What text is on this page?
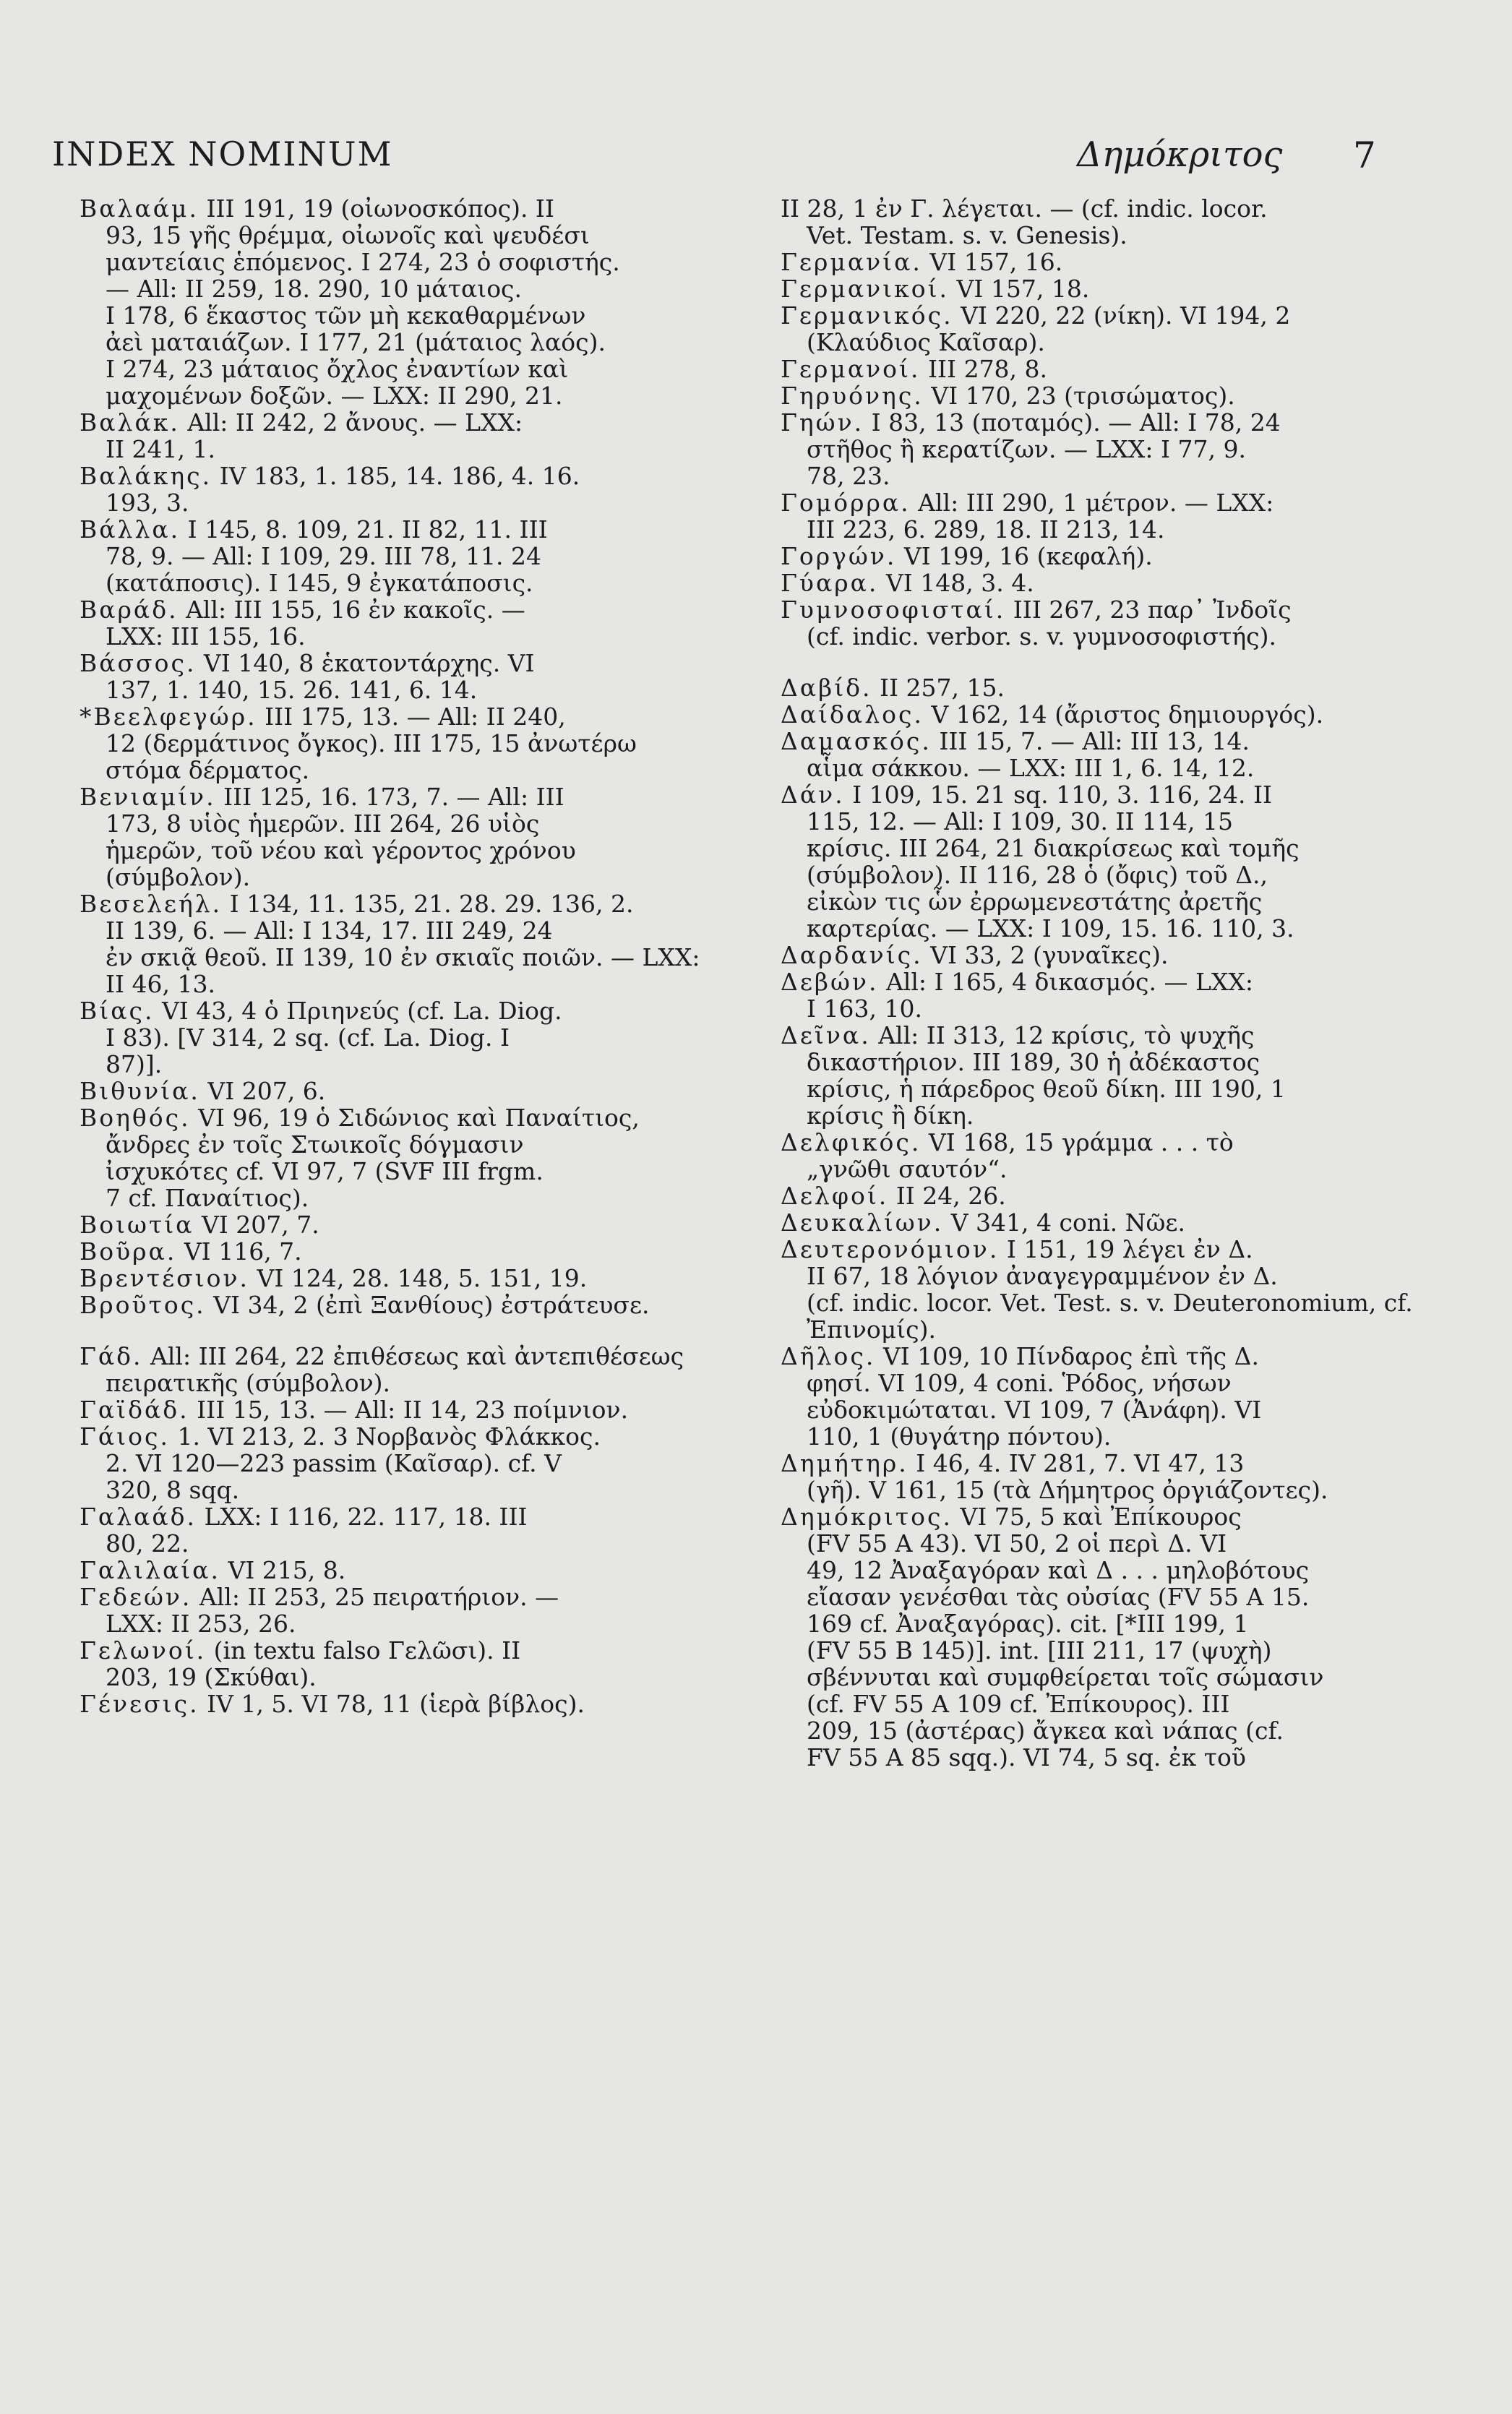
INDEX NOMINUM	Δημόκριτος 7

Βαλαάμ. III 191, 19 (οἰωνοσκόπος). II
93, 15 γῆς θρέμμα, οἰωνοῖς καὶ ψευδέσι
μαντείαις ἑπόμενος. I 274, 23 ὁ σοφιστής.
— All: II 259, 18. 290, 10 μάταιος.
I 178, 6 ἕκαστος τῶν μὴ κεκαθαρμένων
ἀεὶ ματαιάζων. I 177, 21 (μάταιος λαός).
I 274, 23 μάταιος ὄχλος ἐναντίων καὶ
μαχομένων δοξῶν. — LXX: II 290, 21.

Βαλάκ. All: II 242, 2 ἄνους. — LXX:
II 241, 1.

Βαλάκης. IV 183, 1. 185, 14. 186, 4. 16.
193, 3.

Βάλλα. I 145, 8. 109, 21. II 82, 11. III
78, 9. — All: I 109, 29. III 78, 11. 24
(κατάποσις). I 145, 9 ἐγκατάποσις.

Βαράδ. All: III 155, 16 ἐν κακοῖς. —
LXX: III 155, 16.

Βάσσος. VI 140, 8 ἑκατοντάρχης. VI
137, 1. 140, 15. 26. 141, 6. 14.

*Βεελφεγώρ. III 175, 13. — All: II 240,
12 (δερμάτινος ὄγκος). III 175, 15 ἀνωτέρω στόμα δέρματος.

Βενιαμίν. III 125, 16. 173, 7. — All: III
173, 8 υἱὸς ἡμερῶν. III 264, 26 υἱὸς
ἡμερῶν, τοῦ νέου καὶ γέροντος χρόνου
(σύμβολον).

Βεσελεήλ. I 134, 11. 135, 21. 28. 29. 136, 2.
II 139, 6. — All: I 134, 17. III 249, 24
ἐν σκιᾷ θεοῦ. II 139, 10 ἐν σκιαῖς ποιῶν. — LXX: II 46, 13.

Βίας. VI 43, 4 ὁ Πριηνεύς (cf. La. Diog.
I 83). [V 314, 2 sq. (cf. La. Diog. I
87)].

Βιθυνία. VI 207, 6.

Βοηθός. VI 96, 19 ὁ Σιδώνιος καὶ Παναίτιος, ἄνδρες ἐν τοῖς Στωικοῖς δόγμασιν
ἰσχυκότες cf. VI 97, 7 (SVF III frgm.
7 cf. Παναίτιος).

Βοιωτία VI 207, 7.

Βοῦρα. VI 116, 7.

Βρεντέσιον. VI 124, 28. 148, 5. 151, 19.

Βροῦτος. VI 34, 2 (ἐπὶ Ξανθίους) ἐστράτευσε.

Γάδ. All: III 264, 22 ἐπιθέσεως καὶ ἀντεπιθέσεως πειρατικῆς (σύμβολον).

Γαϊδάδ. III 15, 13. — All: II 14, 23 ποίμνιον.

Γάιος. 1. VI 213, 2. 3 Νορβανὸς Φλάκκος.
2. VI 120—223 passim (Καῖσαρ). cf. V
320, 8 sqq.

Γαλαάδ. LXX: I 116, 22. 117, 18. III
80, 22.

Γαλιλαία. VI 215, 8.

Γεδεών. All: II 253, 25 πειρατήριον. —
LXX: II 253, 26.

Γελωνοί. (in textu falso Γελῶσι). II
203, 19 (Σκύθαι).

Γένεσις. IV 1, 5. VI 78, 11 (ἱερὰ βίβλος).

II 28, 1 ἐν Γ. λέγεται. — (cf. indic. locor.
Vet. Testam. s. v. Genesis).

Γερμανία. VI 157, 16.

Γερμανικοί. VI 157, 18.

Γερμανικός. VI 220, 22 (νίκη). VI 194, 2
(Κλαύδιος Καῖσαρ).

Γερμανοί. III 278, 8.

Γηρυόνης. VI 170, 23 (τρισώματος).

Γηών. I 83, 13 (ποταμός). — All: I 78, 24
στῆθος ἢ κερατίζων. — LXX: I 77, 9.
78, 23.

Γομόρρα. All: III 290, 1 μέτρον. — LXX:
III 223, 6. 289, 18. II 213, 14.

Γοργών. VI 199, 16 (κεφαλή).

Γύαρα. VI 148, 3. 4.

Γυμνοσοφισταί. III 267, 23 παρ᾽ Ἰνδοῖς
(cf. indic. verbor. s. v. γυμνοσοφιστής).

Δαβίδ. II 257, 15.

Δαίδαλος. V 162, 14 (ἄριστος δημιουργός).

Δαμασκός. III 15, 7. — All: III 13, 14.
αἷμα σάκκου. — LXX: III 1, 6. 14, 12.

Δάν. I 109, 15. 21 sq. 110, 3. 116, 24. II
115, 12. — All: I 109, 30. II 114, 15
κρίσις. III 264, 21 διακρίσεως καὶ τομῆς
(σύμβολον). II 116, 28 ὁ (ὄφις) τοῦ Δ.,
εἰκὼν τις ὧν ἐρρωμενεστάτης ἀρετῆς
καρτερίας. — LXX: I 109, 15. 16. 110, 3.

Δαρδανίς. VI 33, 2 (γυναῖκες).

Δεβών. All: I 165, 4 δικασμός. — LXX:
I 163, 10.

Δεῖνα. All: II 313, 12 κρίσις, τὸ ψυχῆς
δικαστήριον. III 189, 30 ἡ ἀδέκαστος
κρίσις, ἡ πάρεδρος θεοῦ δίκη. III 190, 1
κρίσις ἢ δίκη.

Δελφικός. VI 168, 15 γράμμα . . . τὸ
„γνῶθι σαυτόν“.

Δελφοί. II 24, 26.

Δευκαλίων. V 341, 4 coni. Νῶε.

Δευτερονόμιον. I 151, 19 λέγει ἐν Δ.
II 67, 18 λόγιον ἀναγεγραμμένον ἐν Δ.
(cf. indic. locor. Vet. Test. s. v. Deuteronomium, cf. Ἐπινομίς).

Δῆλος. VI 109, 10 Πίνδαρος ἐπὶ τῆς Δ.
φησί. VI 109, 4 coni. Ῥόδος, νήσων
εὐδοκιμώταται. VI 109, 7 (Ἀνάφη). VI
110, 1 (θυγάτηρ πόντου).

Δημήτηρ. I 46, 4. IV 281, 7. VI 47, 13
(γῆ). V 161, 15 (τὰ Δήμητρος ὀργιάζοντες).

Δημόκριτος. VI 75, 5 καὶ Ἐπίκουρος
(FV 55 A 43). VI 50, 2 οἱ περὶ Δ. VI
49, 12 Ἀναξαγόραν καὶ Δ . . . μηλοβότους
εἴασαν γενέσθαι τὰς οὐσίας (FV 55 A 15.
169 cf. Ἀναξαγόρας). cit. [*III 199, 1
(FV 55 B 145)]. int. [III 211, 17 (ψυχὴ)
σβέννυται καὶ συμφθείρεται τοῖς σώμασιν
(cf. FV 55 A 109 cf. Ἐπίκουρος). III
209, 15 (ἀστέρας) ἄγκεα καὶ νάπας (cf.
FV 55 A 85 sqq.). VI 74, 5 sq. ἐκ τοῦ
